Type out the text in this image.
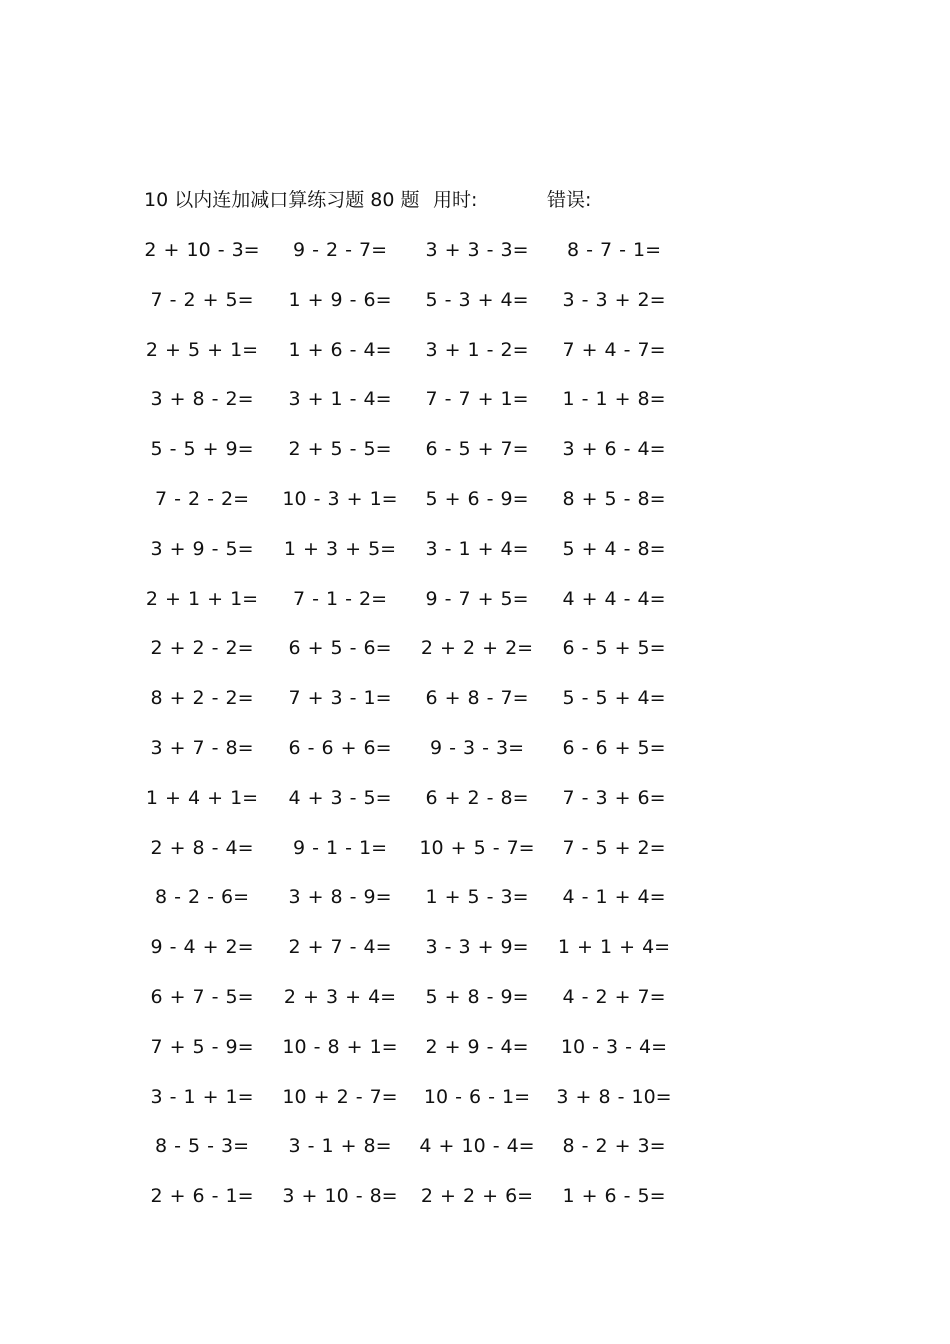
10 以内连加减口算练习题 80 题 用时:	错误:
2 + 10 - 3=	9 - 2 - 7=	3 + 3 - 3=	8 - 7 - 1=
7 - 2 + 5=	1 + 9 - 6=	5 - 3 + 4=	3 - 3 + 2=
2 + 5 + 1=	1 + 6 - 4=	3 + 1 - 2=	7 + 4 - 7=
3 + 8 - 2=	3 + 1 - 4=	7 - 7 + 1=	1 - 1 + 8=
5 - 5 + 9=	2 + 5 - 5=	6 - 5 + 7=	3 + 6 - 4=
7 - 2 - 2=	10 - 3 + 1=	5 + 6 - 9=	8 + 5 - 8=
3 + 9 - 5=	1 + 3 + 5=	3 - 1 + 4=	5 + 4 - 8=
2 + 1 + 1=	7 - 1 - 2=	9 - 7 + 5=	4 + 4 - 4=
2 + 2 - 2=	6 + 5 - 6=	2 + 2 + 2=	6 - 5 + 5=
8 + 2 - 2=	7 + 3 - 1=	6 + 8 - 7=	5 - 5 + 4=
3 + 7 - 8=	6 - 6 + 6=	9 - 3 - 3=	6 - 6 + 5=
1 + 4 + 1=	4 + 3 - 5=	6 + 2 - 8=	7 - 3 + 6=
2 + 8 - 4=	9 - 1 - 1=	10 + 5 - 7=	7 - 5 + 2=
8 - 2 - 6=	3 + 8 - 9=	1 + 5 - 3=	4 - 1 + 4=
9 - 4 + 2=	2 + 7 - 4=	3 - 3 + 9=	1 + 1 + 4=
6 + 7 - 5=	2 + 3 + 4=	5 + 8 - 9=	4 - 2 + 7=
7 + 5 - 9=	10 - 8 + 1=	2 + 9 - 4=	10 - 3 - 4=
3 - 1 + 1=	10 + 2 - 7=	10 - 6 - 1=	3 + 8 - 10=
8 - 5 - 3=	3 - 1 + 8=	4 + 10 - 4=	8 - 2 + 3=
2 + 6 - 1=	3 + 10 - 8=	2 + 2 + 6=	1 + 6 - 5=
